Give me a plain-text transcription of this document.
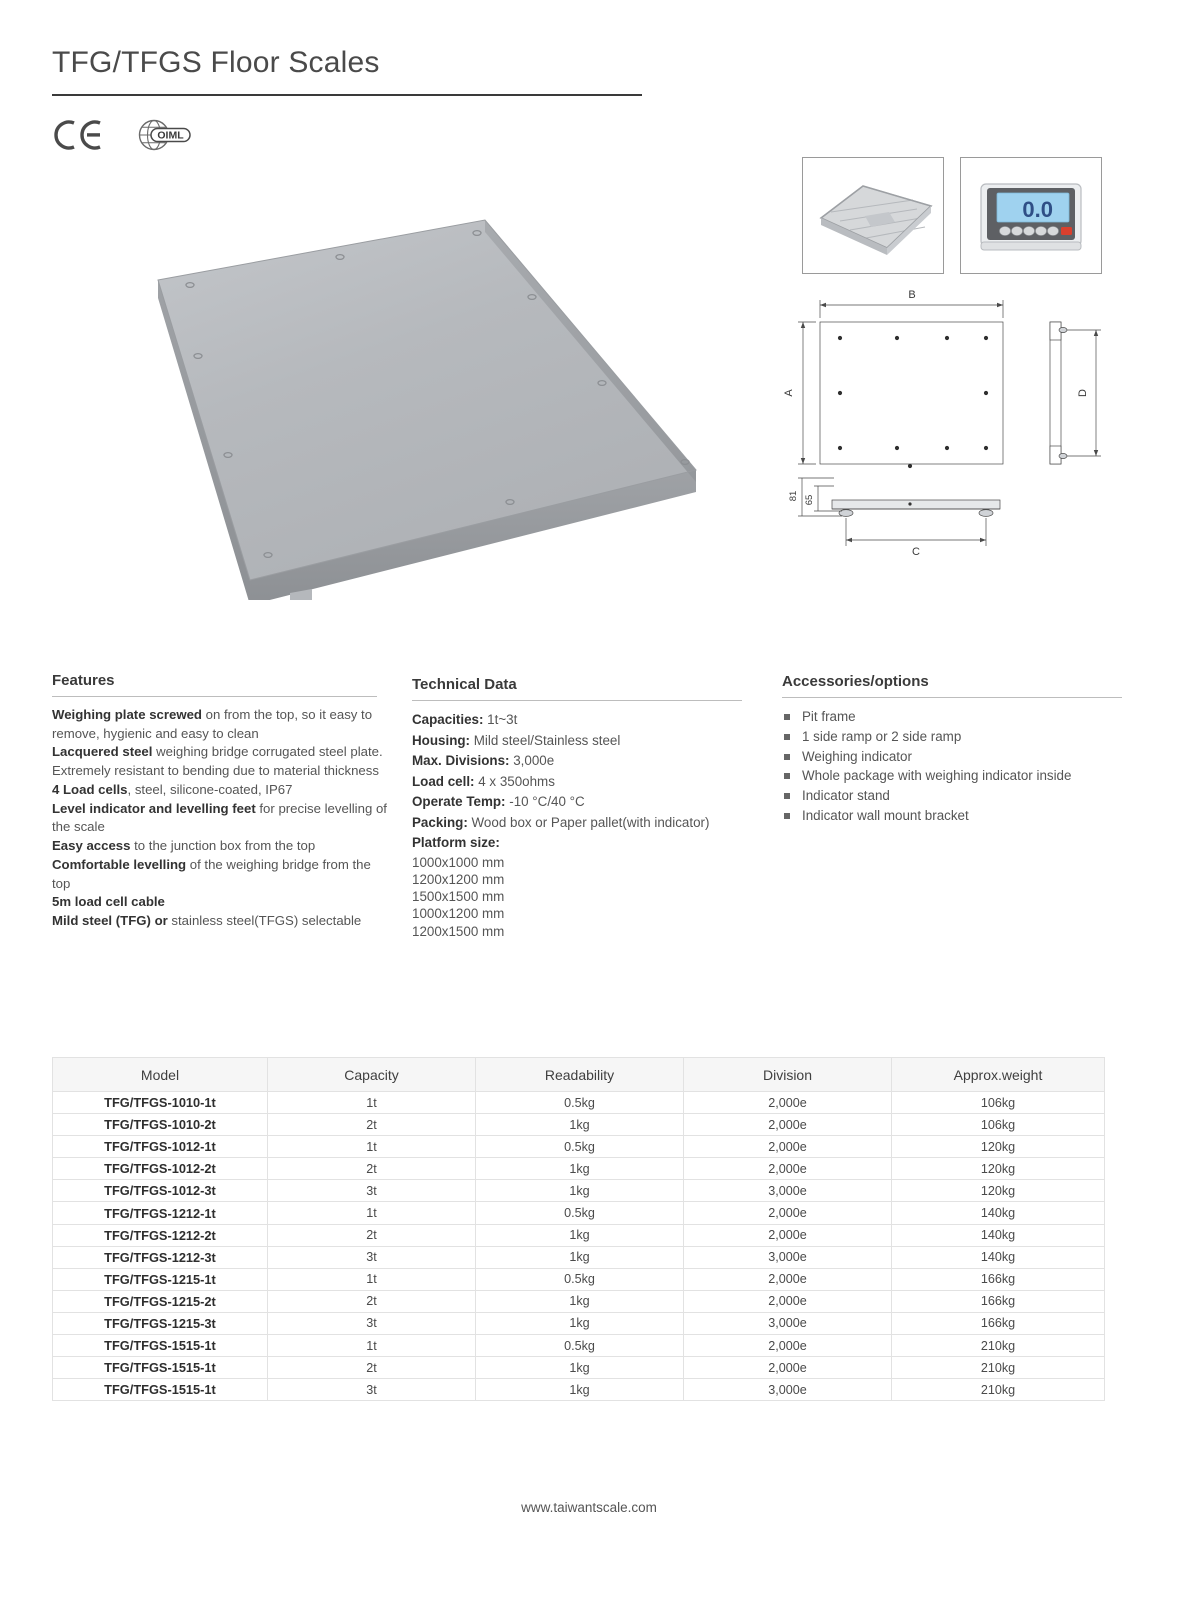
TFG/TFGS Floor Scales
OIML
0.0
B
A	D
C
81 65
Features
Weighing plate screwed on from the top, so it easy to remove, hygienic and easy to clean
Lacquered steel weighing bridge corrugated steel plate. Extremely resistant to bending due to material thickness
4 Load cells, steel, silicone-coated, IP67
Level indicator and levelling feet for precise levelling of the scale
Easy access to the junction box from the top
Comfortable levelling of the weighing bridge from the top
5m load cell cable
Mild steel (TFG) or stainless steel(TFGS) selectable
Technical Data
Capacities: 1t~3t
Housing: Mild steel/Stainless steel
Max. Divisions: 3,000e
Load cell: 4 x 350ohms
Operate Temp: -10 °C/40 °C
Packing: Wood box or Paper pallet(with indicator)
Platform size:
1000x1000 mm
1200x1200 mm
1500x1500 mm
1000x1200 mm
1200x1500 mm
Accessories/options
Pit frame
1 side ramp or 2 side ramp
Weighing indicator
Whole package with weighing indicator inside
Indicator stand
Indicator wall mount bracket
Model	Capacity	Readability	Division	Approx.weight
TFG/TFGS-1010-1t	1t	0.5kg	2,000e	106kg
TFG/TFGS-1010-2t	2t	1kg	2,000e	106kg
TFG/TFGS-1012-1t	1t	0.5kg	2,000e	120kg
TFG/TFGS-1012-2t	2t	1kg	2,000e	120kg
TFG/TFGS-1012-3t	3t	1kg	3,000e	120kg
TFG/TFGS-1212-1t	1t	0.5kg	2,000e	140kg
TFG/TFGS-1212-2t	2t	1kg	2,000e	140kg
TFG/TFGS-1212-3t	3t	1kg	3,000e	140kg
TFG/TFGS-1215-1t	1t	0.5kg	2,000e	166kg
TFG/TFGS-1215-2t	2t	1kg	2,000e	166kg
TFG/TFGS-1215-3t	3t	1kg	3,000e	166kg
TFG/TFGS-1515-1t	1t	0.5kg	2,000e	210kg
TFG/TFGS-1515-1t	2t	1kg	2,000e	210kg
TFG/TFGS-1515-1t	3t	1kg	3,000e	210kg
www.taiwantscale.com
